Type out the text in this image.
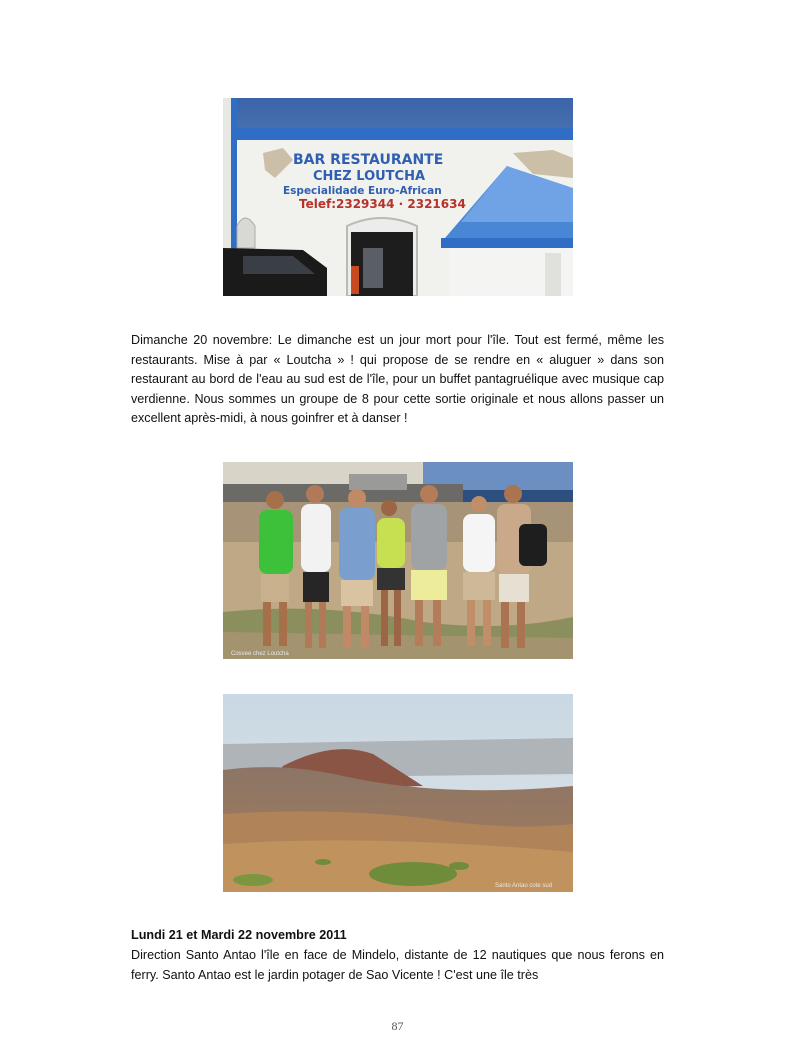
BAR RESTAURANTE
CHEZ LOUTCHA
Especialidade Euro-African
Telef:2329344 · 2321634

Dimanche 20 novembre: Le dimanche est un jour mort pour l'île. Tout est fermé, même les restaurants. Mise à par « Loutcha » ! qui propose de se rendre en « aluguer » dans son restaurant au bord de l'eau au sud est de l'île, pour un buffet pantagruélique avec musique cap verdienne. Nous sommes un groupe de 8 pour cette sortie originale et nous allons passer un excellent après-midi, à nous goinfrer et à danser !

Cosvee chez Loutcha
Santo Antao cote sud

Lundi 21 et Mardi 22 novembre 2011

Direction Santo Antao l'île en face de Mindelo, distante de 12 nautiques que nous ferons en ferry. Santo Antao est le jardin potager de Sao Vicente ! C'est une île très

87
